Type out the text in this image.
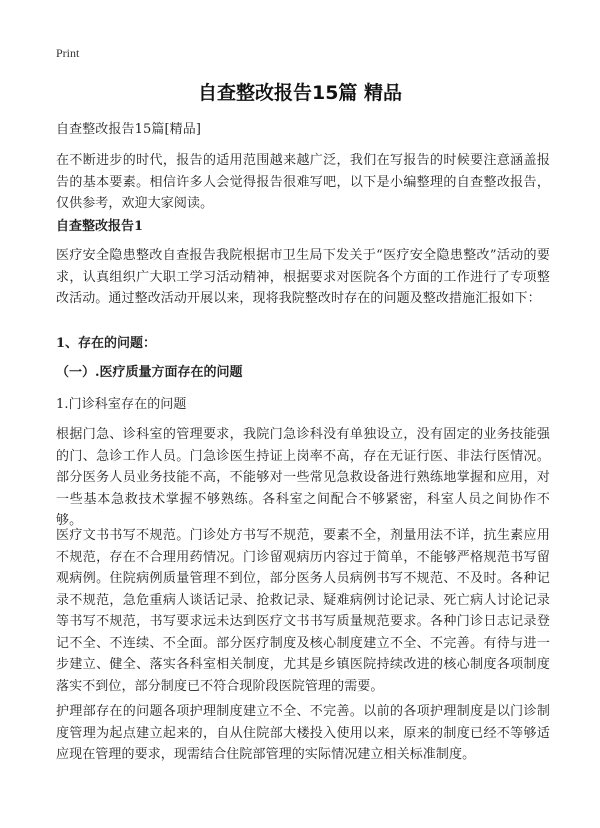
Print
自查整改报告15篇 精品
自查整改报告15篇[精品]
在不断进步的时代，报告的适用范围越来越广泛，我们在写报告的时候要注意涵盖报告的基本要素。相信许多人会觉得报告很难写吧，以下是小编整理的自查整改报告，仅供参考，欢迎大家阅读。
自查整改报告1
医疗安全隐患整改自查报告我院根据市卫生局下发关于“医疗安全隐患整改”活动的要求，认真组织广大职工学习活动精神，根据要求对医院各个方面的工作进行了专项整改活动。通过整改活动开展以来，现将我院整改时存在的问题及整改措施汇报如下：
1、存在的问题：
（一）.医疗质量方面存在的问题
1.门诊科室存在的问题
根据门急、诊科室的管理要求，我院门急诊科没有单独设立，没有固定的业务技能强的门、急诊工作人员。门急诊医生持证上岗率不高，存在无证行医、非法行医情况。部分医务人员业务技能不高，不能够对一些常见急救设备进行熟练地掌握和应用，对一些基本急救技术掌握不够熟练。各科室之间配合不够紧密，科室人员之间协作不够。
医疗文书书写不规范。门诊处方书写不规范，要素不全，剂量用法不详，抗生素应用不规范，存在不合理用药情况。门诊留观病历内容过于简单，不能够严格规范书写留观病例。住院病例质量管理不到位，部分医务人员病例书写不规范、不及时。各种记录不规范，急危重病人谈话记录、抢救记录、疑难病例讨论记录、死亡病人讨论记录等书写不规范，书写要求远未达到医疗文书书写质量规范要求。各种门诊日志记录登记不全、不连续、不全面。部分医疗制度及核心制度建立不全、不完善。有待与进一步建立、健全、落实各科室相关制度，尤其是乡镇医院持续改进的核心制度各项制度落实不到位，部分制度已不符合现阶段医院管理的需要。
护理部存在的问题各项护理制度建立不全、不完善。以前的各项护理制度是以门诊制度管理为起点建立起来的，自从住院部大楼投入使用以来，原来的制度已经不等够适应现在管理的要求，现需结合住院部管理的实际情况建立相关标准制度。
